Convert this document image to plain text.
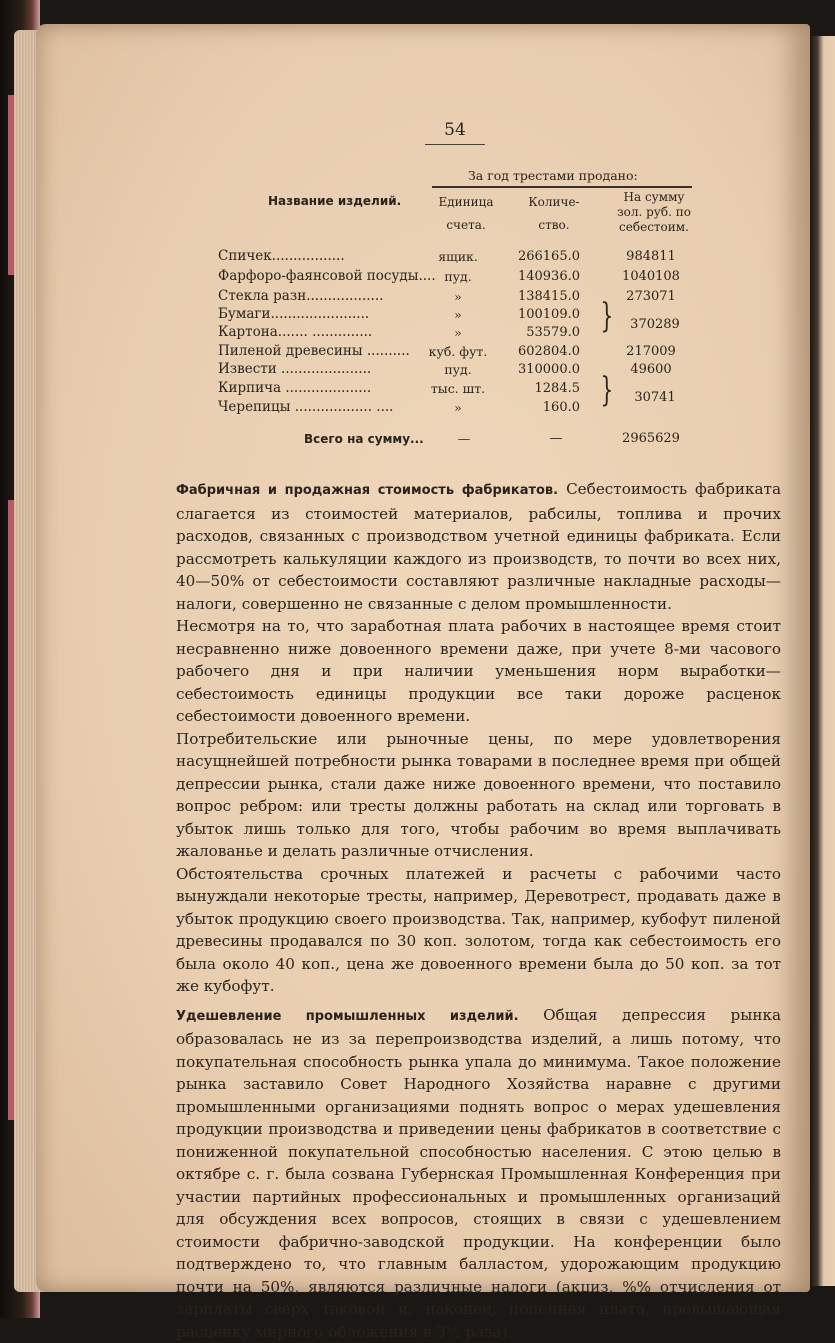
54
Название изделий.
За год трестами продано:
Единица
счета.
Количе-
ство.
На сумму
зол. руб. по
себестоим.
Спичек.................	ящик.	266165.0	984811
Фарфоро-фаянсовой посуды.... пуд.	140936.0	1040108
Стекла разн..................	»	138415.0	273071
Бумаги.......................	»	100109.0
Картона....... ..............	»	53579.0 }	370289
Пиленой древесины ..........	куб. фут.	602804.0	217009
Извести .....................	пуд.	310000.0	49600
Кирпича ....................	тыс. шт.	1284.5
Черепицы .................. ....	»	160.0 }	30741
Всего на сумму...	—	—	2965629

Фабричная и продажная стоимость фабрикатов. Себестоимость фабриката слагается из стоимостей материалов, рабсилы, топлива и прочих расходов, связанных с производством учетной единицы фабриката. Если рассмотреть калькуляции каждого из производств, то почти во всех них, 40—50% от себестоимости составляют различные накладные расходы—налоги, совершенно не связанные с делом промышленности.

Несмотря на то, что заработная плата рабочих в настоящее время стоит несравненно ниже довоенного времени даже, при учете 8-ми часового рабочего дня и при наличии уменьшения норм выработки—себестоимость единицы продукции все таки дороже расценок себестоимости довоенного времени.

Потребительские или рыночные цены, по мере удовлетворения насущнейшей потребности рынка товарами в последнее время при общей депрессии рынка, стали даже ниже довоенного времени, что поставило вопрос ребром: или тресты должны работать на склад или торговать в убыток лишь только для того, чтобы рабочим во время выплачивать жалованье и делать различные отчисления.

Обстоятельства срочных платежей и расчеты с рабочими часто вынуждали некоторые тресты, например, Деревотрест, продавать даже в убыток продукцию своего производства. Так, например, кубофут пиленой древесины продавался по 30 коп. золотом, тогда как себестоимость его была около 40 коп., цена же довоенного времени была до 50 коп. за тот же кубофут.

Удешевление промышленных изделий. Общая депрессия рынка образовалась не из за перепроизводства изделий, а лишь потому, что покупательная способность рынка упала до минимума. Такое положение рынка заставило Совет Народного Хозяйства наравне с другими промышленными организациями поднять вопрос о мерах удешевления продукции производства и приведении цены фабрикатов в соответствие с пониженной покупательной способностью населения. С этою целью в октябре с. г. была созвана Губернская Промышленная Конференция при участии партийных профессиональных и промышленных организаций для обсуждения всех вопросов, стоящих в связи с удешевлением стоимости фабрично-заводской продукции. На конференции было подтверждено то, что главным балластом, удорожающим продукцию почти на 50%, являются различные налоги (акциз, %% отчисления от зарплаты сверх таковой и, наконец, попенная плата, превышающая расценку мирного обложения в 3½ раза).
